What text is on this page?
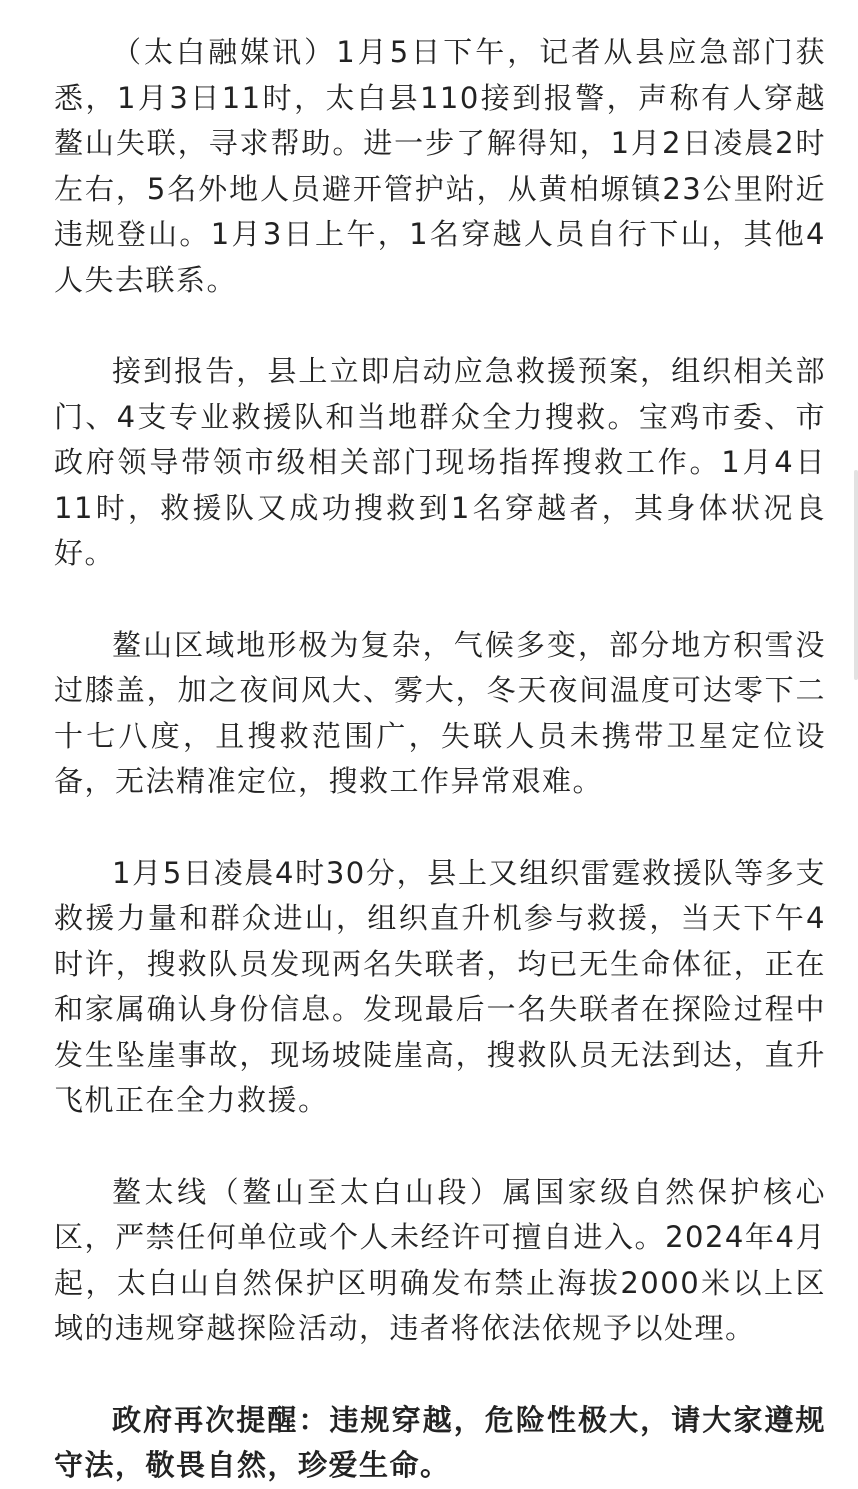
（太白融媒讯）1月5日下午，记者从县应急部门获悉，1月3日11时，太白县110接到报警，声称有人穿越鳌山失联，寻求帮助。进一步了解得知，1月2日凌晨2时左右，5名外地人员避开管护站，从黄柏塬镇23公里附近违规登山。1月3日上午，1名穿越人员自行下山，其他4人失去联系。

接到报告，县上立即启动应急救援预案，组织相关部门、4支专业救援队和当地群众全力搜救。宝鸡市委、市政府领导带领市级相关部门现场指挥搜救工作。1月4日11时，救援队又成功搜救到1名穿越者，其身体状况良好。

鳌山区域地形极为复杂，气候多变，部分地方积雪没过膝盖，加之夜间风大、雾大，冬天夜间温度可达零下二十七八度，且搜救范围广，失联人员未携带卫星定位设备，无法精准定位，搜救工作异常艰难。

1月5日凌晨4时30分，县上又组织雷霆救援队等多支救援力量和群众进山，组织直升机参与救援，当天下午4时许，搜救队员发现两名失联者，均已无生命体征，正在和家属确认身份信息。发现最后一名失联者在探险过程中发生坠崖事故，现场坡陡崖高，搜救队员无法到达，直升飞机正在全力救援。

鳌太线（鳌山至太白山段）属国家级自然保护核心区，严禁任何单位或个人未经许可擅自进入。2024年4月起，太白山自然保护区明确发布禁止海拔2000米以上区域的违规穿越探险活动，违者将依法依规予以处理。

政府再次提醒：违规穿越，危险性极大，请大家遵规守法，敬畏自然，珍爱生命。
